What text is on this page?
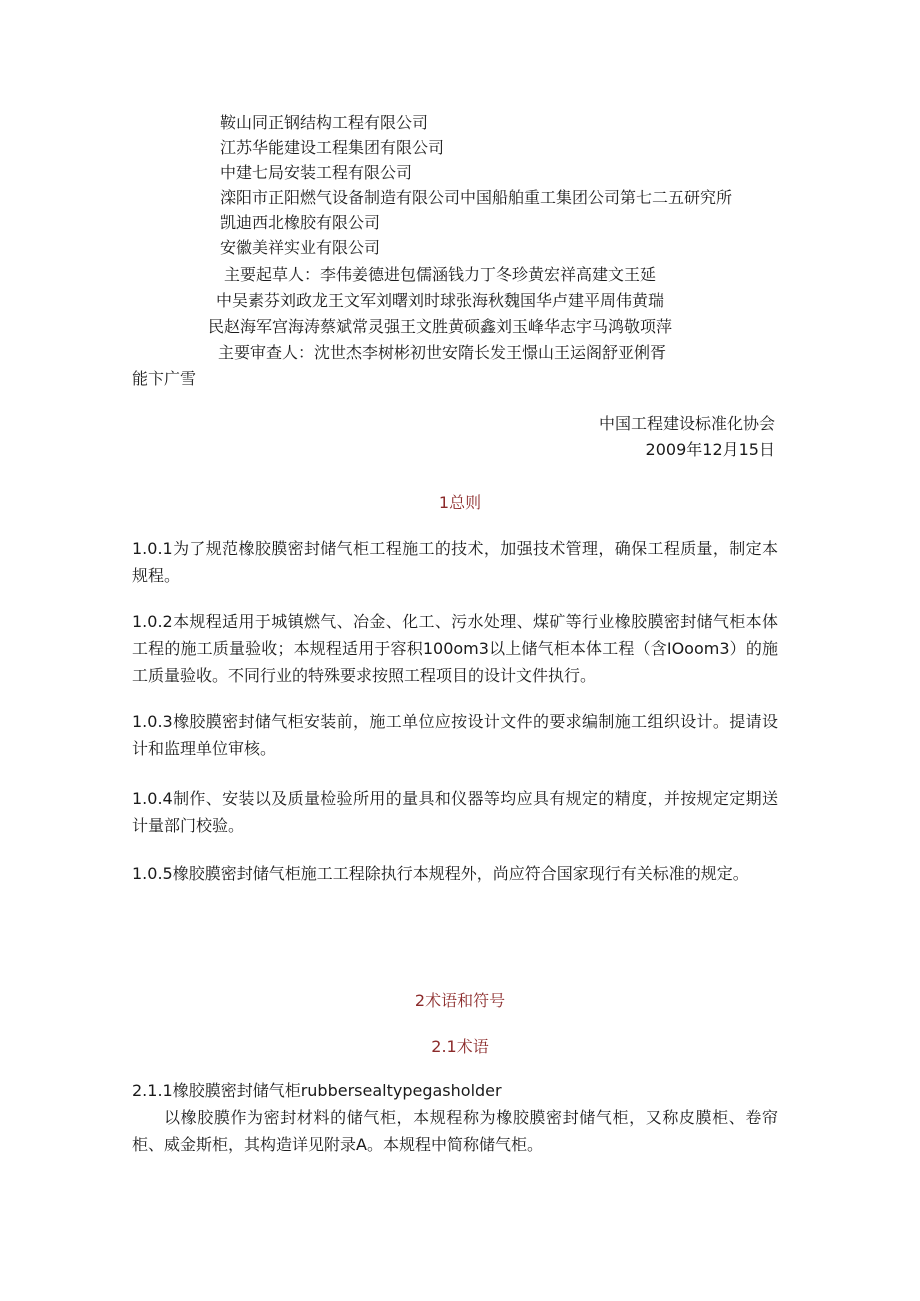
鞍山同正钢结构工程有限公司
江苏华能建设工程集团有限公司
中建七局安装工程有限公司
滦阳市正阳燃气设备制造有限公司中国船舶重工集团公司第七二五研究所
凯迪西北橡胶有限公司
安徽美祥实业有限公司
主要起草人：李伟姜德进包儒涵钱力丁冬珍黄宏祥高建文王延
中吴素芬刘政龙王文军刘曙刘时球张海秋魏国华卢建平周伟黄瑞
民赵海军宫海涛蔡斌常灵强王文胜黄硕鑫刘玉峰华志宇马鸿敬项萍
主要审查人：沈世杰李树彬初世安隋长发王憬山王运阁舒亚俐胥
能卞广雪
中国工程建设标准化协会
2009年12月15日
1总则
1.0.1为了规范橡胶膜密封储气柜工程施工的技术，加强技术管理，确保工程质量，制定本规程。
1.0.2本规程适用于城镇燃气、冶金、化工、污水处理、煤矿等行业橡胶膜密封储气柜本体工程的施工质量验收；本规程适用于容积100om3以上储气柜本体工程（含IOoom3）的施工质量验收。不同行业的特殊要求按照工程项目的设计文件执行。
1.0.3橡胶膜密封储气柜安装前，施工单位应按设计文件的要求编制施工组织设计。提请设计和监理单位审核。
1.0.4制作、安装以及质量检验所用的量具和仪器等均应具有规定的精度，并按规定定期送计量部门校验。
1.0.5橡胶膜密封储气柜施工工程除执行本规程外，尚应符合国家现行有关标准的规定。
2术语和符号
2.1术语
2.1.1橡胶膜密封储气柜rubbersealtypegasholder
以橡胶膜作为密封材料的储气柜，本规程称为橡胶膜密封储气柜，又称皮膜柜、卷帘柜、威金斯柜，其构造详见附录A。本规程中简称储气柜。
